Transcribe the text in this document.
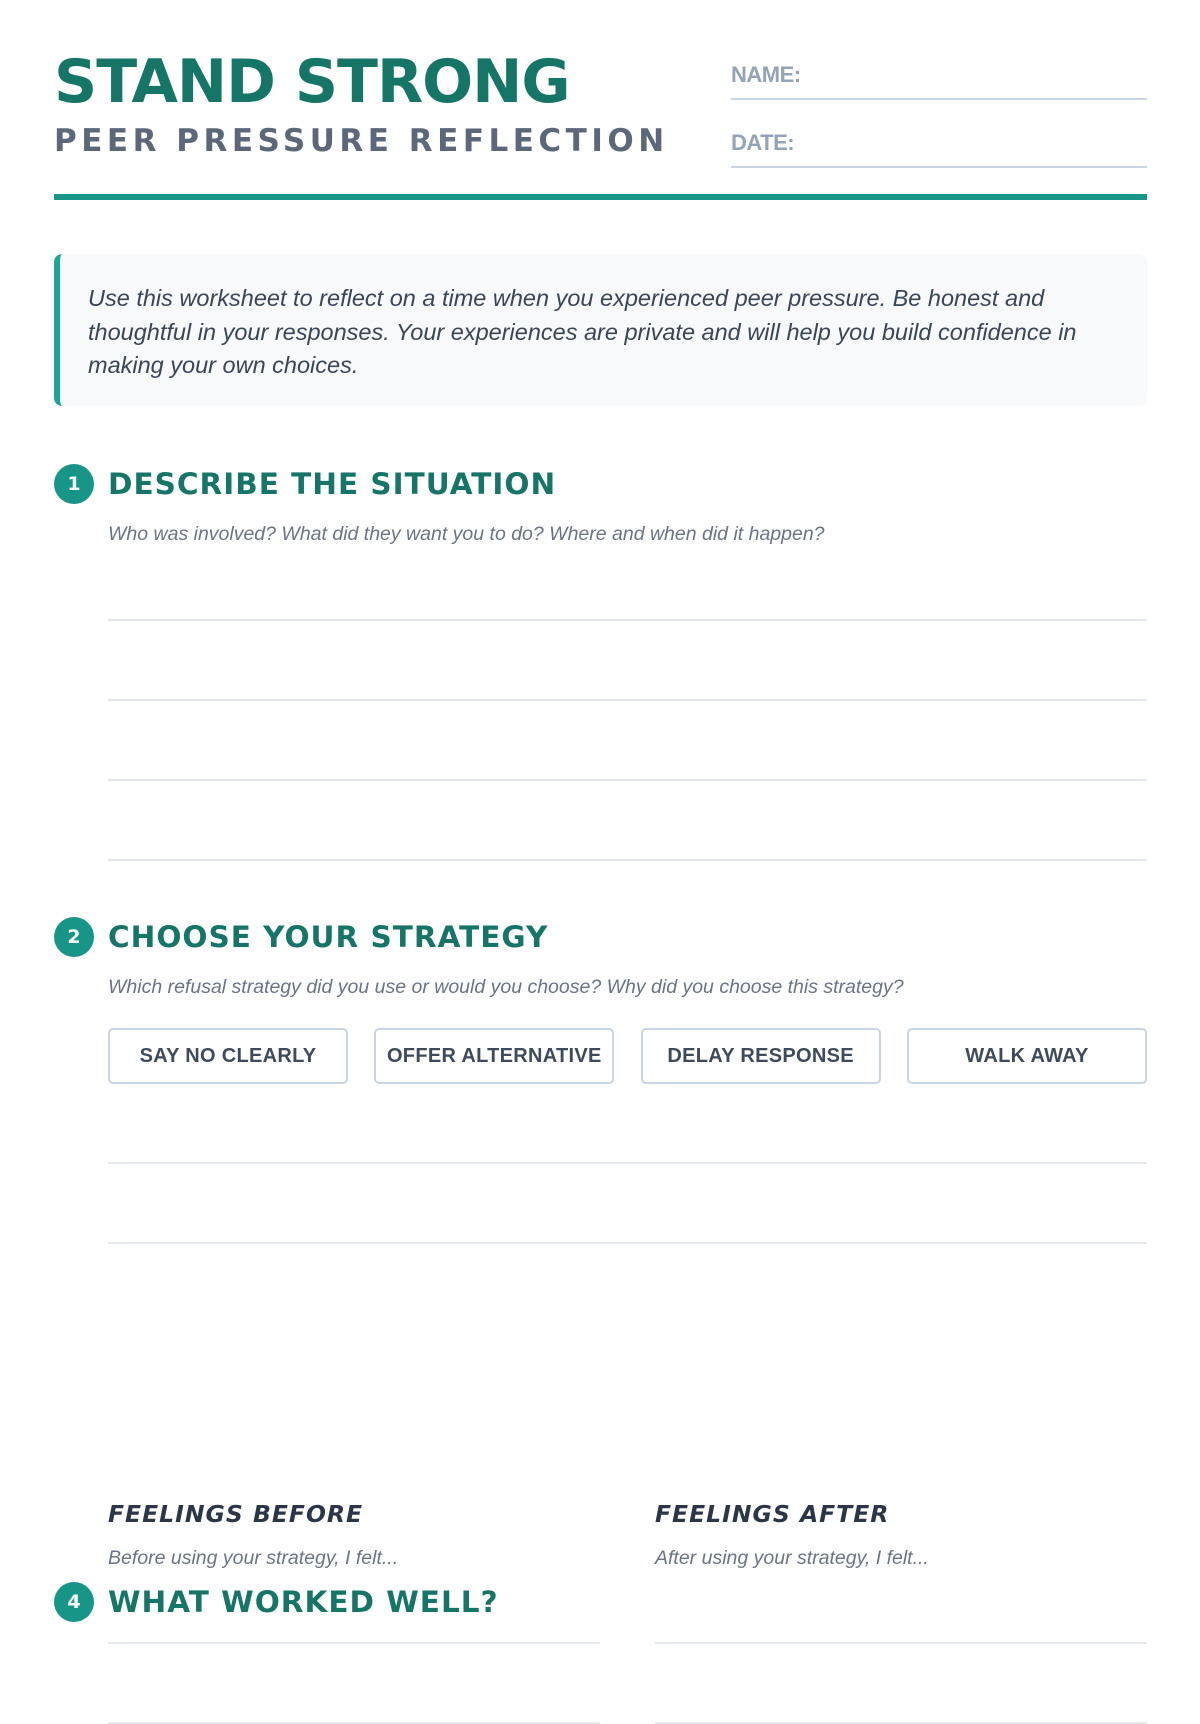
STAND STRONG
PEER PRESSURE REFLECTION
NAME:
DATE:
Use this worksheet to reflect on a time when you experienced peer pressure. Be honest and thoughtful in your responses. Your experiences are private and will help you build confidence in making your own choices.
1 DESCRIBE THE SITUATION
Who was involved? What did they want you to do? Where and when did it happen?
2 CHOOSE YOUR STRATEGY
Which refusal strategy did you use or would you choose? Why did you choose this strategy?
SAY NO CLEARLY	OFFER ALTERNATIVE	DELAY RESPONSE	WALK AWAY
FEELINGS BEFORE
Before using your strategy, I felt...
FEELINGS AFTER
After using your strategy, I felt...
4 WHAT WORKED WELL?
